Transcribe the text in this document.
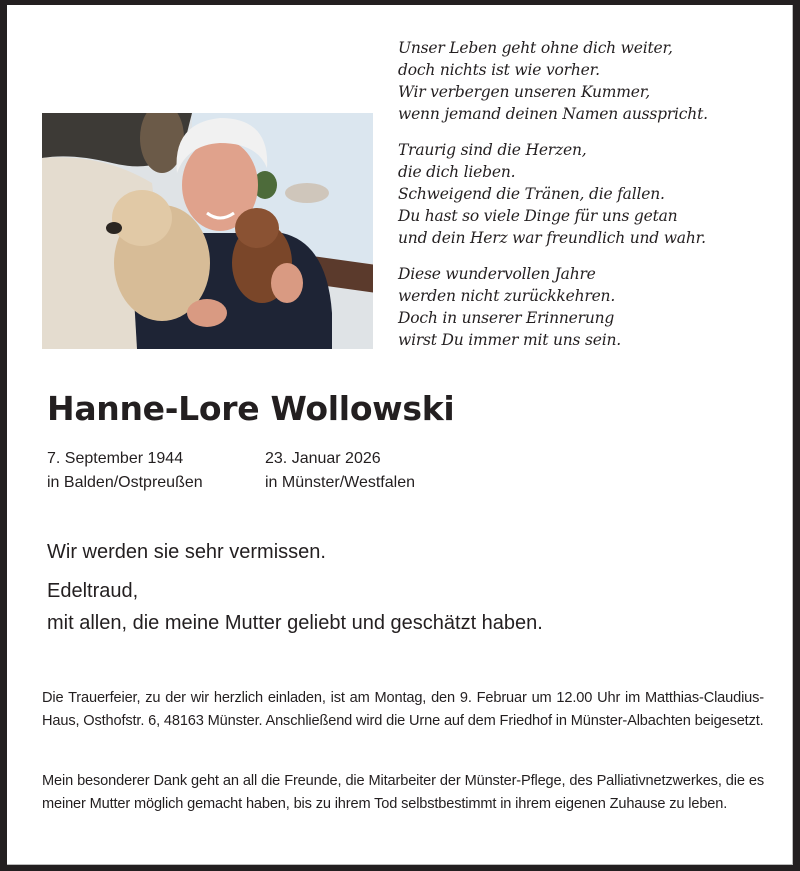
Unser Leben geht ohne dich weiter,
doch nichts ist wie vorher.
Wir verbergen unseren Kummer,
wenn jemand deinen Namen ausspricht.
Traurig sind die Herzen,
die dich lieben.
Schweigend die Tränen, die fallen.
Du hast so viele Dinge für uns getan
und dein Herz war freundlich und wahr.
Diese wundervollen Jahre
werden nicht zurückkehren.
Doch in unserer Erinnerung
wirst Du immer mit uns sein.
Hanne-Lore Wollowski
7. September 1944
in Balden/Ostpreußen
23. Januar 2026
in Münster/Westfalen
Wir werden sie sehr vermissen.
Edeltraud,
mit allen, die meine Mutter geliebt und geschätzt haben.

Die Trauerfeier, zu der wir herzlich einladen, ist am Montag, den 9. Februar um 12.00 Uhr im Matthias-Claudius-Haus, Osthofstr. 6, 48163 Münster. Anschließend wird die Urne auf dem Friedhof in Münster-Albachten beigesetzt.

Mein besonderer Dank geht an all die Freunde, die Mitarbeiter der Münster-Pflege, des Palliativnetzwerkes, die es meiner Mutter möglich gemacht haben, bis zu ihrem Tod selbstbestimmt in ihrem eigenen Zuhause zu leben.
